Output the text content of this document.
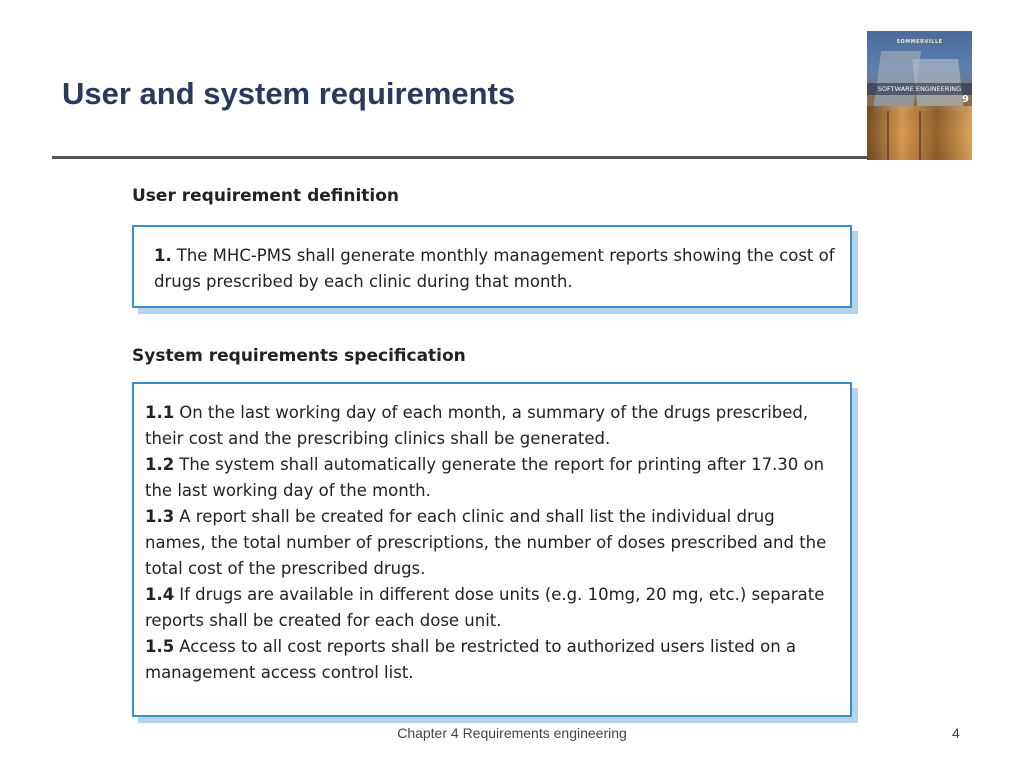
User and system requirements
SOMMERVILLE
SOFTWARE ENGINEERING
9
User requirement definition

1. The MHC-PMS shall generate monthly management reports showing the cost of drugs prescribed by each clinic during that month.

System requirements specification

1.1 On the last working day of each month, a summary of the drugs prescribed, their cost and the prescribing clinics shall be generated.

1.2 The system shall automatically generate the report for printing after 17.30 on the last working day of the month.

1.3 A report shall be created for each clinic and shall list the individual drug names, the total number of prescriptions, the number of doses prescribed and the total cost of the prescribed drugs.

1.4 If drugs are available in different dose units (e.g. 10mg, 20 mg, etc.) separate reports shall be created for each dose unit.

1.5 Access to all cost reports shall be restricted to authorized users listed on a management access control list.

Chapter 4 Requirements engineering	4
